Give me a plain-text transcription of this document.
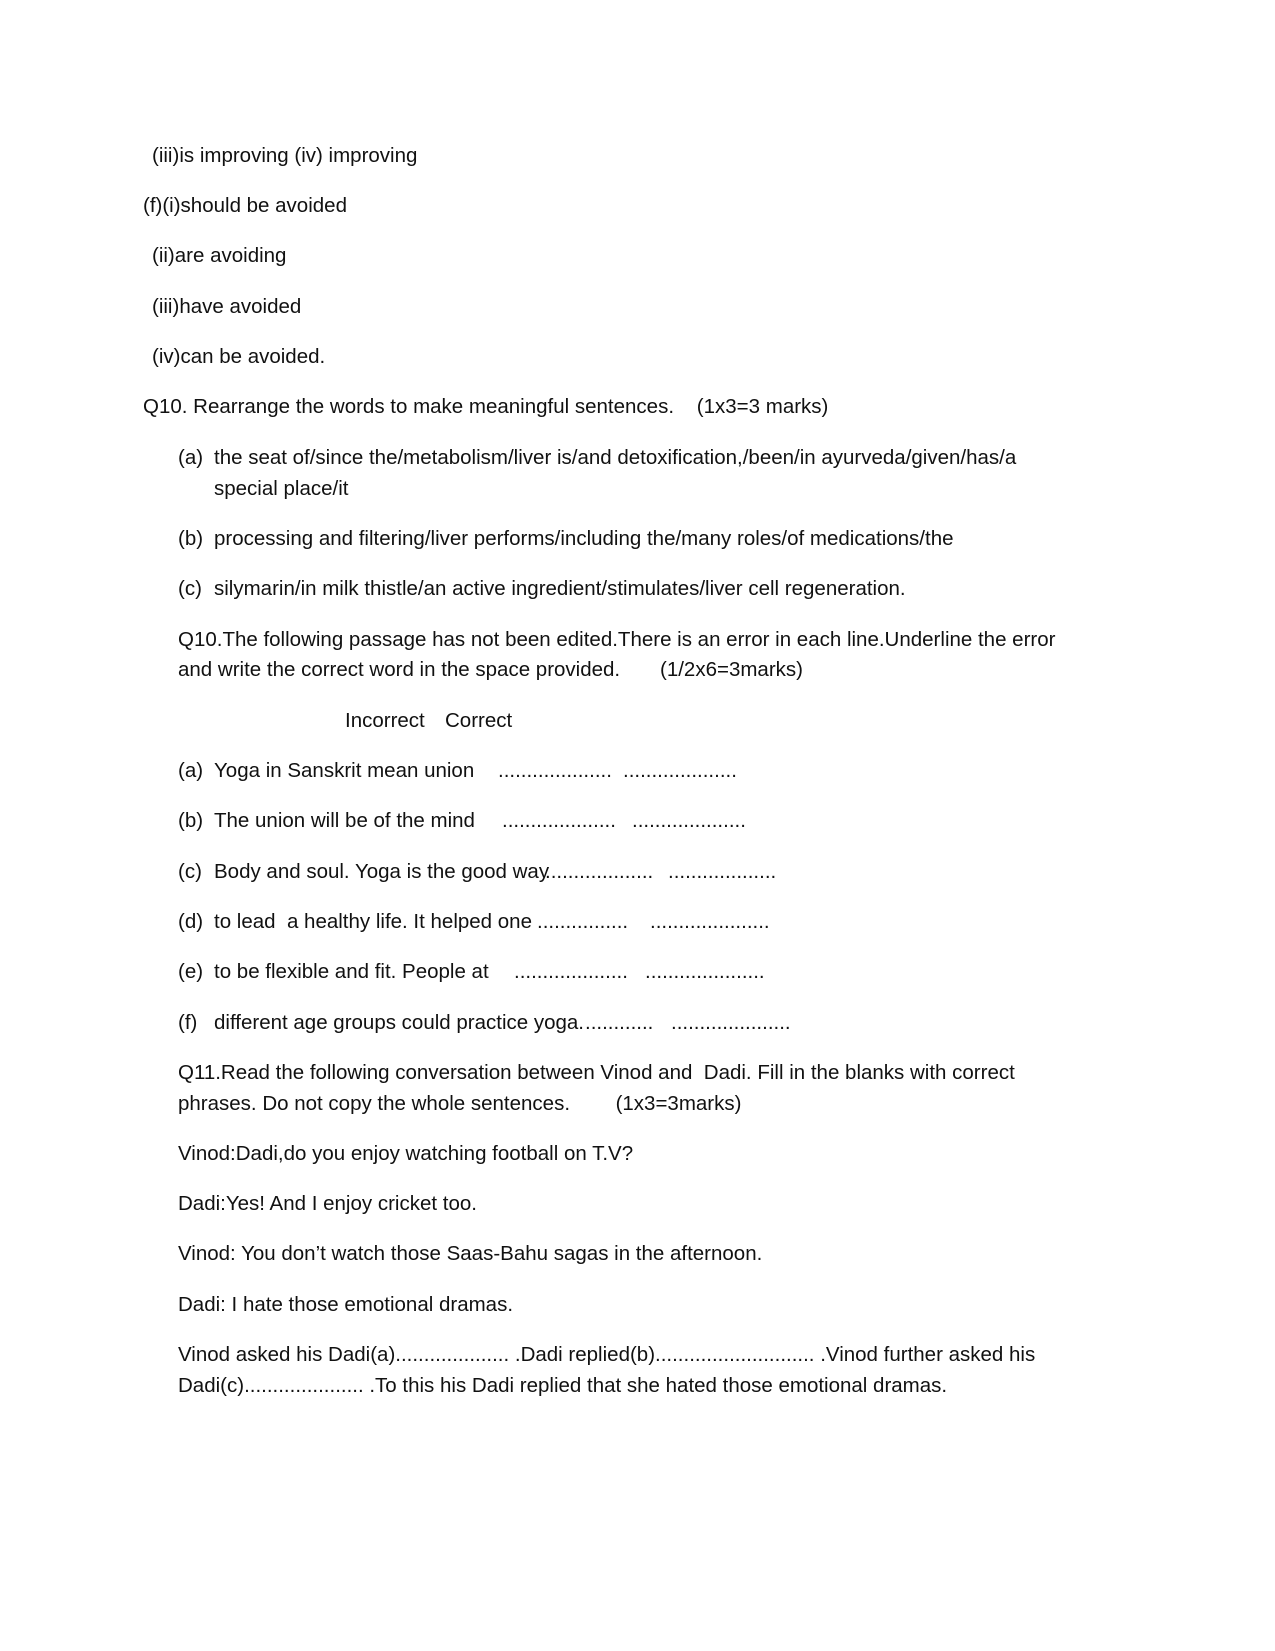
(iii)is improving (iv) improving
(f)(i)should be avoided
(ii)are avoiding
(iii)have avoided
(iv)can be avoided.
Q10. Rearrange the words to make meaningful sentences.    (1x3=3 marks)
(a) the seat of/since the/metabolism/liver is/and detoxification,/been/in ayurveda/given/has/a
special place/it
(b) processing and filtering/liver performs/including the/many roles/of medications/the
(c) silymarin/in milk thistle/an active ingredient/stimulates/liver cell regeneration.
Q10.The following passage has not been edited.There is an error in each line.Underline the error
and write the correct word in the space provided.       (1/2x6=3marks)
Incorrect Correct
(a) Yoga in Sanskrit mean union .................... ....................
(b) The union will be of the mind .................... ....................
(c) Body and soul. Yoga is the good way
................... ...................
(d) to lead  a healthy life. It helped one ................ .....................
(e) to be flexible and fit. People at .................... .....................
(f) different age groups could practice yoga. ............ .....................
Q11.Read the following conversation between Vinod and  Dadi. Fill in the blanks with correct
phrases. Do not copy the whole sentences.        (1x3=3marks)
Vinod:Dadi,do you enjoy watching football on T.V?
Dadi:Yes! And I enjoy cricket too.
Vinod: You don’t watch those Saas-Bahu sagas in the afternoon.
Dadi: I hate those emotional dramas.
Vinod asked his Dadi(a).................... .Dadi replied(b)............................ .Vinod further asked his
Dadi(c)..................... .To this his Dadi replied that she hated those emotional dramas.
